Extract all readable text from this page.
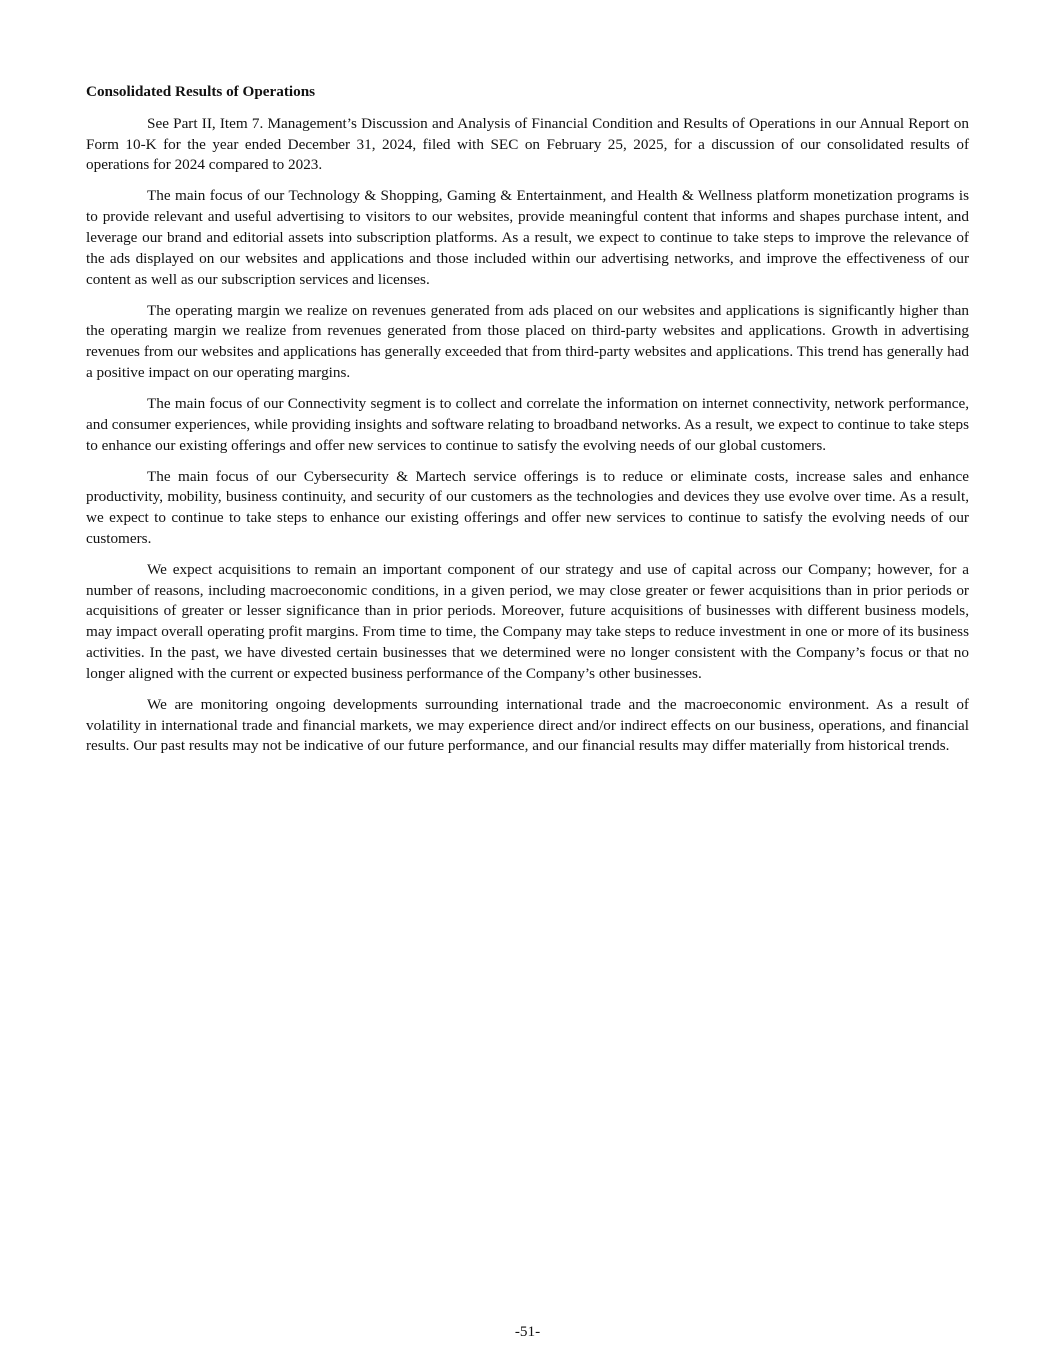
Consolidated Results of Operations

See Part II, Item 7. Management’s Discussion and Analysis of Financial Condition and Results of Operations in our Annual Report on Form 10-K for the year ended December 31, 2024, filed with SEC on February 25, 2025, for a discussion of our consolidated results of operations for 2024 compared to 2023.

The main focus of our Technology & Shopping, Gaming & Entertainment, and Health & Wellness platform monetization programs is to provide relevant and useful advertising to visitors to our websites, provide meaningful content that informs and shapes purchase intent, and leverage our brand and editorial assets into subscription platforms. As a result, we expect to continue to take steps to improve the relevance of the ads displayed on our websites and applications and those included within our advertising networks, and improve the effectiveness of our content as well as our subscription services and licenses.

The operating margin we realize on revenues generated from ads placed on our websites and applications is significantly higher than the operating margin we realize from revenues generated from those placed on third-party websites and applications. Growth in advertising revenues from our websites and applications has generally exceeded that from third-party websites and applications. This trend has generally had a positive impact on our operating margins.

The main focus of our Connectivity segment is to collect and correlate the information on internet connectivity, network performance, and consumer experiences, while providing insights and software relating to broadband networks. As a result, we expect to continue to take steps to enhance our existing offerings and offer new services to continue to satisfy the evolving needs of our global customers.

The main focus of our Cybersecurity & Martech service offerings is to reduce or eliminate costs, increase sales and enhance productivity, mobility, business continuity, and security of our customers as the technologies and devices they use evolve over time. As a result, we expect to continue to take steps to enhance our existing offerings and offer new services to continue to satisfy the evolving needs of our customers.

We expect acquisitions to remain an important component of our strategy and use of capital across our Company; however, for a number of reasons, including macroeconomic conditions, in a given period, we may close greater or fewer acquisitions than in prior periods or acquisitions of greater or lesser significance than in prior periods. Moreover, future acquisitions of businesses with different business models, may impact overall operating profit margins. From time to time, the Company may take steps to reduce investment in one or more of its business activities. In the past, we have divested certain businesses that we determined were no longer consistent with the Company’s focus or that no longer aligned with the current or expected business performance of the Company’s other businesses.

We are monitoring ongoing developments surrounding international trade and the macroeconomic environment. As a result of volatility in international trade and financial markets, we may experience direct and/or indirect effects on our business, operations, and financial results. Our past results may not be indicative of our future performance, and our financial results may differ materially from historical trends.

-51-
